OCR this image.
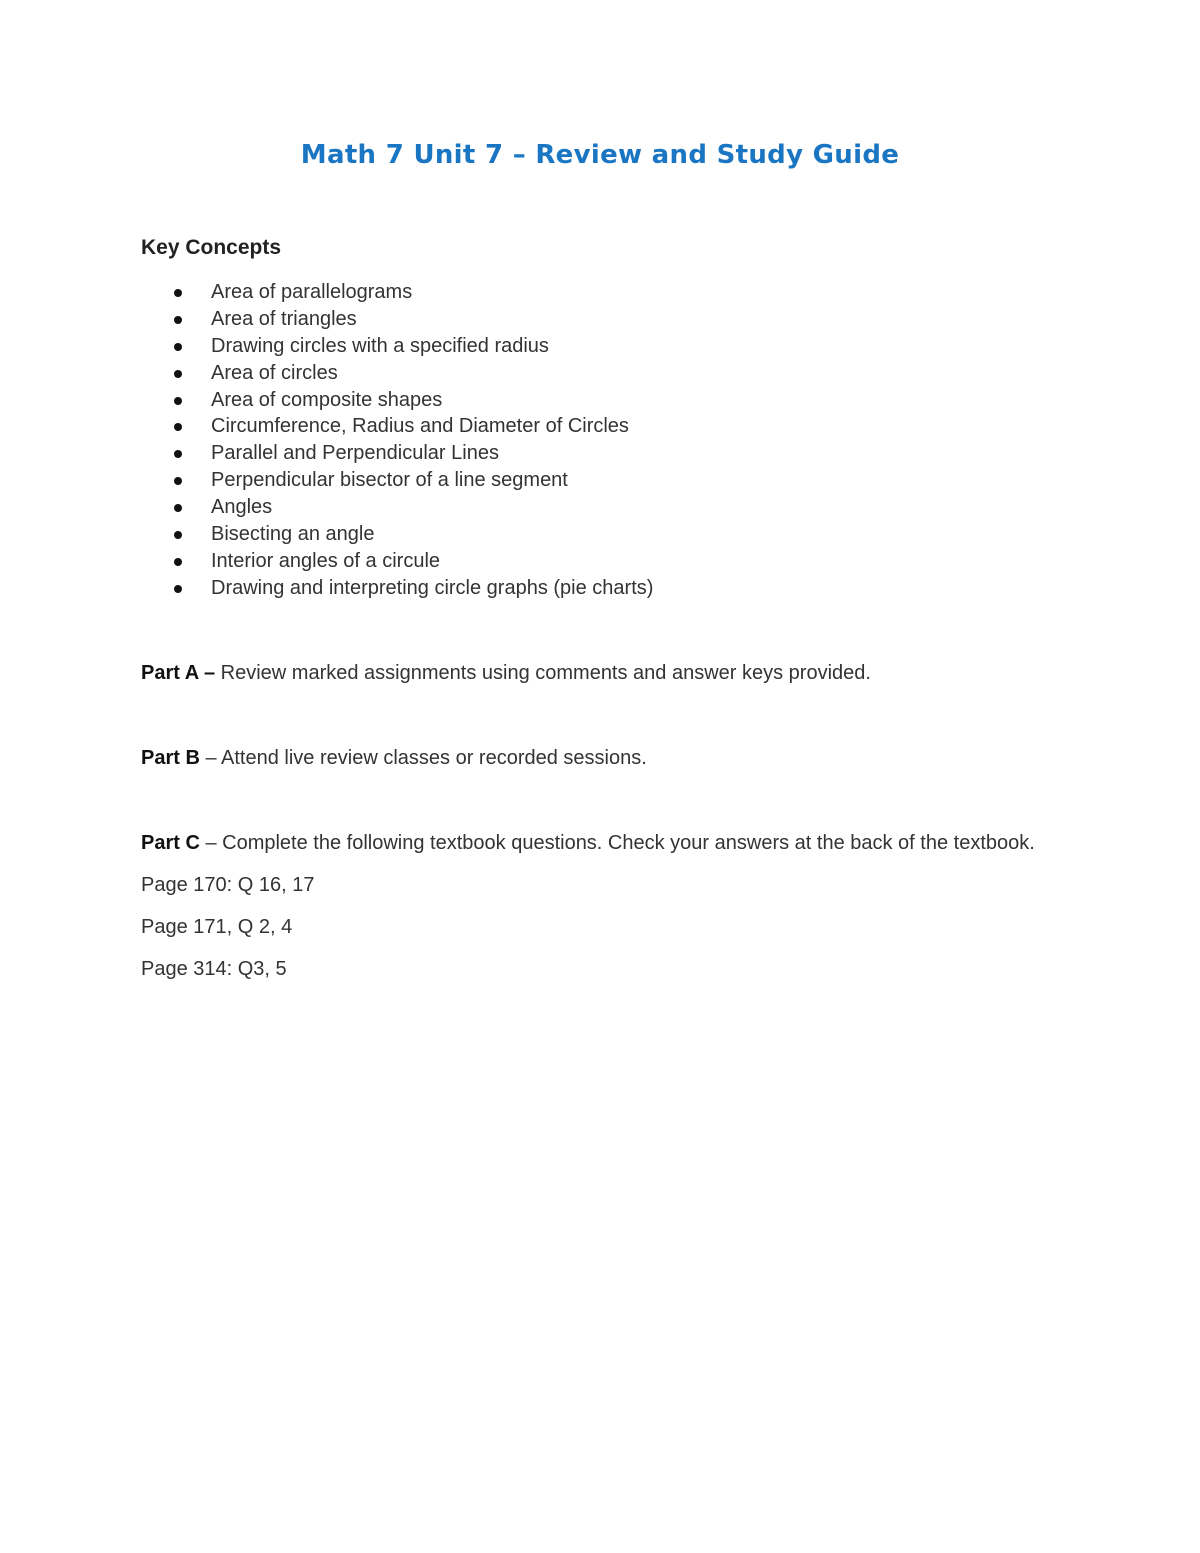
Math 7 Unit 7 – Review and Study Guide
Key Concepts
Area of parallelograms
Area of triangles
Drawing circles with a specified radius
Area of circles
Area of composite shapes
Circumference, Radius and Diameter of Circles
Parallel and Perpendicular Lines
Perpendicular bisector of a line segment
Angles
Bisecting an angle
Interior angles of a circule
Drawing and interpreting circle graphs (pie charts)

Part A – Review marked assignments using comments and answer keys provided.

Part B – Attend live review classes or recorded sessions.

Part C – Complete the following textbook questions. Check your answers at the back of the textbook.

Page 170: Q 16, 17

Page 171, Q 2, 4

Page 314: Q3, 5
